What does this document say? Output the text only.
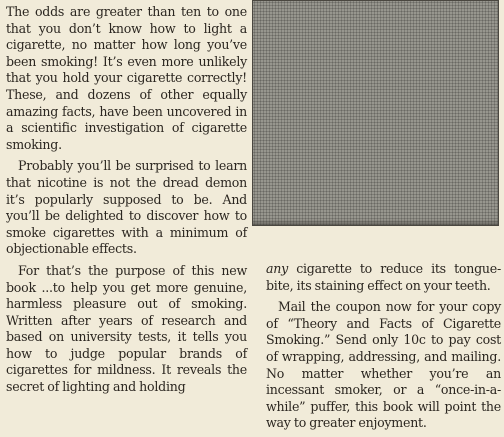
The odds are greater than ten to one that you don’t know how to light a cigarette, no matter how long you’ve been smoking! It’s even more unlikely that you hold your cigarette correctly! These, and dozens of other equally amazing facts, have been uncovered in a scientific investigation of cigarette smoking.

Probably you’ll be surprised to learn that nicotine is not the dread demon it’s popularly supposed to be. And you’ll be delighted to discover how to smoke cigarettes with a minimum of objectionable effects.

For that’s the purpose of this new book ...to help you get more genuine, harmless pleasure out of smoking. Written after years of research and based on university tests, it tells you how to judge popular brands of cigarettes for mildness. It reveals the secret of lighting and holding

any cigarette to reduce its tongue-bite, its staining effect on your teeth.

Mail the coupon now for your copy of “Theory and Facts of Cigarette Smoking.” Send only 10c to pay cost of wrapping, addressing, and mailing. No matter whether you’re an incessant smoker, or a “once-in-a-while” puffer, this book will point the way to greater enjoyment.
